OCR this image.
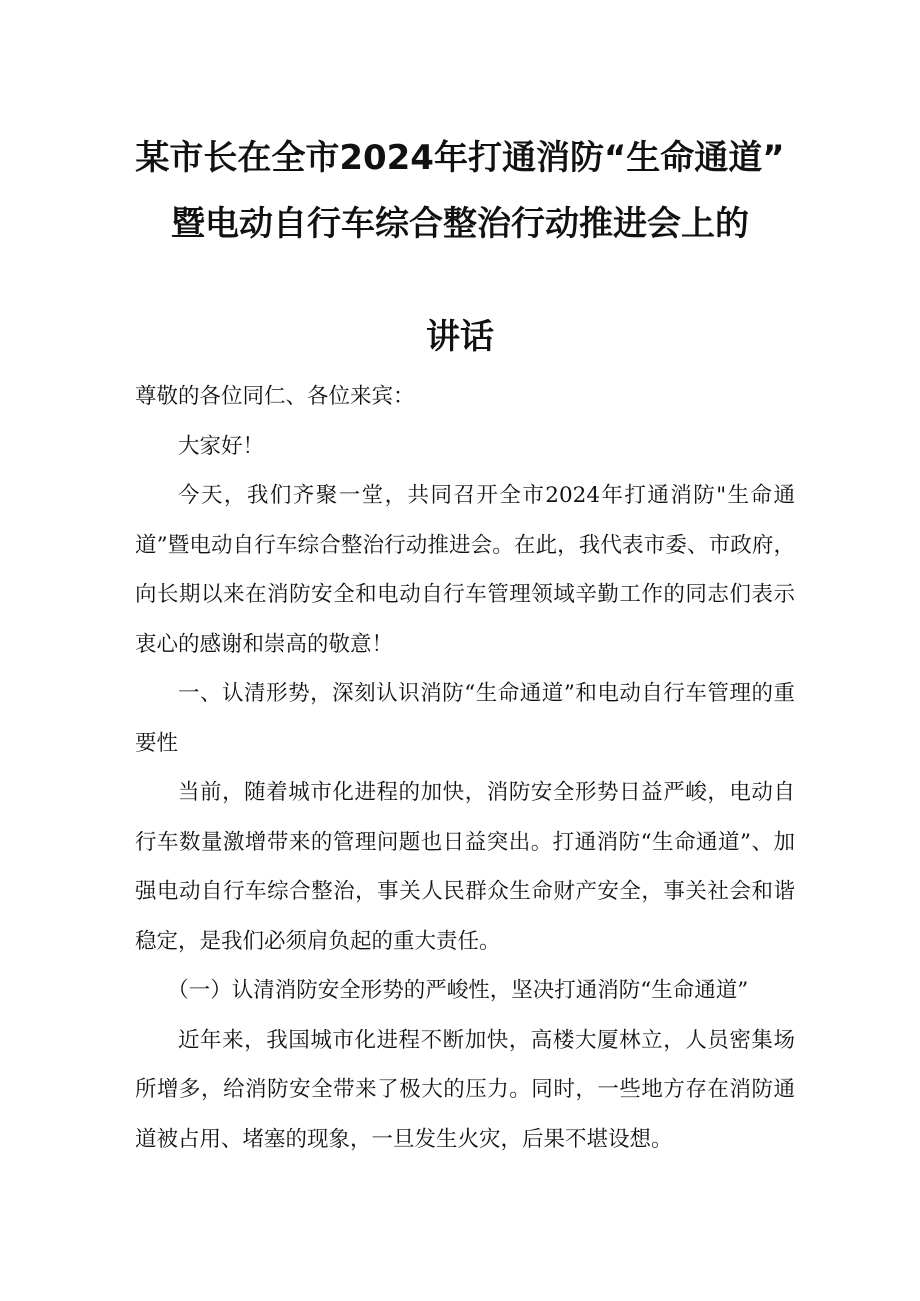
某市长在全市2024年打通消防“生命通道”
暨电动自行车综合整治行动推进会上的
讲话

尊敬的各位同仁、各位来宾：

大家好！

今天，我们齐聚一堂，共同召开全市2024年打通消防"生命通道”暨电动自行车综合整治行动推进会。在此，我代表市委、市政府，向长期以来在消防安全和电动自行车管理领域辛勤工作的同志们表示衷心的感谢和崇高的敬意！

一、认清形势，深刻认识消防“生命通道”和电动自行车管理的重要性

当前，随着城市化进程的加快，消防安全形势日益严峻，电动自行车数量激增带来的管理问题也日益突出。打通消防“生命通道”、加强电动自行车综合整治，事关人民群众生命财产安全，事关社会和谐稳定，是我们必须肩负起的重大责任。

（一）认清消防安全形势的严峻性，坚决打通消防“生命通道”

近年来，我国城市化进程不断加快，高楼大厦林立，人员密集场所增多，给消防安全带来了极大的压力。同时，一些地方存在消防通道被占用、堵塞的现象，一旦发生火灾，后果不堪设想。
